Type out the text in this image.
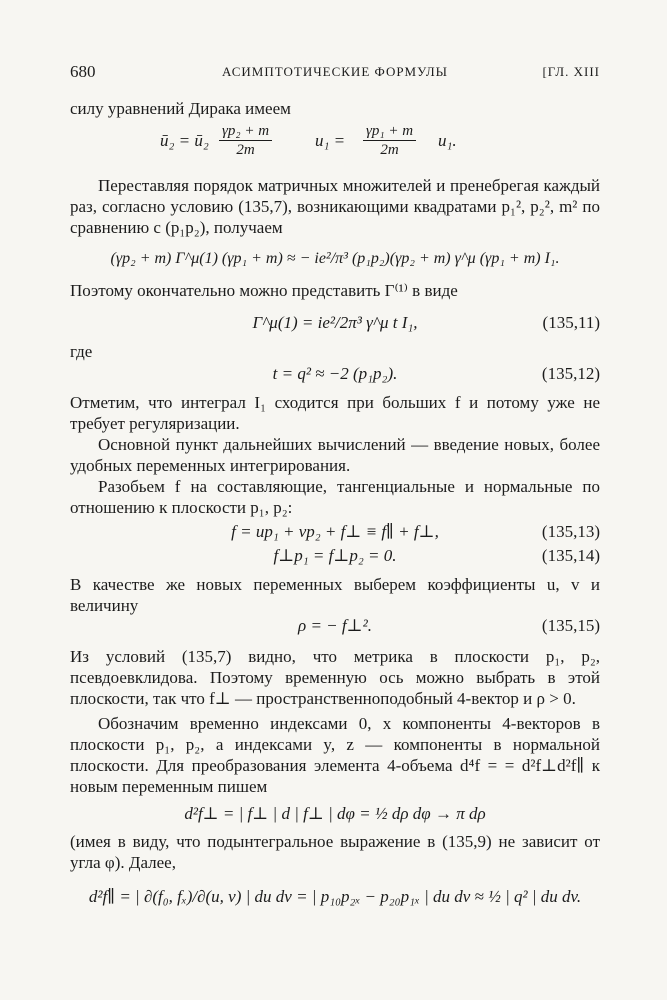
680	АСИМПТОТИЧЕСКИЕ ФОРМУЛЫ	[ГЛ. XIII

силу уравнений Дирака имеем

ū₂ = ū₂ $\frac{\text{γp₂ + m}}{2m}$	$u_1 = \frac{\text{γp₁ + m}}{2m} u_1$.

Переставляя порядок матричных множителей и пренебрегая каждый раз, согласно условию (135,7), возникающими квадратами p₁², p₂², m² по сравнению с (p₁p₂), получаем

(γp₂ + m) Γ^μ(1) (γp₁ + m) ≈ − ie²/π³ (p₁p₂)(γp₂ + m) γ^μ (γp₁ + m) I₁.

Поэтому окончательно можно представить Γ⁽¹⁾ в виде

Γ^μ(1) = ie²/2π³ γ^μ t I₁,	(135,11)

где

t = q² ≈ −2 (p₁p₂).	(135,12)

Отметим, что интеграл I₁ сходится при больших f и потому уже не требует регуляризации.

Основной пункт дальнейших вычислений — введение новых, более удобных переменных интегрирования.

Разобьем f на составляющие, тангенциальные и нормальные по отношению к плоскости p₁, p₂:

f = up₁ + vp₂ + f⊥ ≡ f∥ + f⊥,	(135,13)
f⊥p₁ = f⊥p₂ = 0.	(135,14)

В качестве же новых переменных выберем коэффициенты u, v и величину

ρ = − f⊥².	(135,15)

Из условий (135,7) видно, что метрика в плоскости p₁, p₂, псевдоевклидова. Поэтому временную ось можно выбрать в этой плоскости, так что f⊥ — пространственноподобный 4-вектор и ρ > 0.

Обозначим временно индексами 0, x компоненты 4-векторов в плоскости p₁, p₂, а индексами y, z — компоненты в нормальной плоскости. Для преобразования элемента 4-объема d⁴f = = d²f⊥d²f∥ к новым переменным пишем

d²f⊥ = | f⊥ | d | f⊥ | dφ = ½ dρ dφ → π dρ

(имея в виду, что подынтегральное выражение в (135,9) не зависит от угла φ). Далее,

d²f∥ = | ∂(f₀, fₓ)/∂(u, v) | du dv = | p₁₀p₂ₓ − p₂₀p₁ₓ | du dv ≈ ½ | q² | du dv.
